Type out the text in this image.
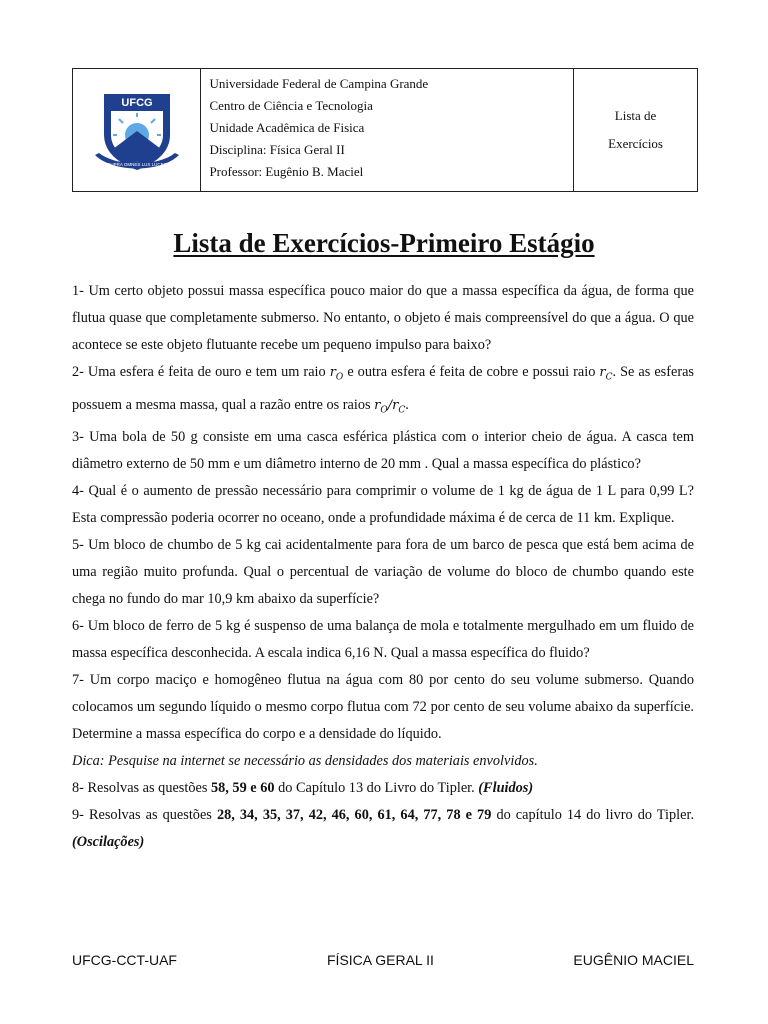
UFCG
SUPRA OMNES LUX LUCES

Universidade Federal de Campina Grande
Centro de Ciência e Tecnologia
Unidade Acadêmica de Fisica
Disciplina: Física Geral II
Professor: Eugênio B. Maciel
	Lista de
Exercícios
Lista de Exercícios-Primeiro Estágio

1- Um certo objeto possui massa específica pouco maior do que a massa específica da água, de forma que flutua quase que completamente submerso. No entanto, o objeto é mais compreensível do que a água. O que acontece se este objeto flutuante recebe um pequeno impulso para baixo?

2- Uma esfera é feita de ouro e tem um raio $r_O$ e outra esfera é feita de cobre e possui raio $r_C$. Se as esferas possuem a mesma massa, qual a razão entre os raios $r_O/r_C$.

3- Uma bola de 50 g consiste em uma casca esférica plástica com o interior cheio de água. A casca tem diâmetro externo de 50 mm e um diâmetro interno de 20 mm . Qual a massa específica do plástico?

4- Qual é o aumento de pressão necessário para comprimir o volume de 1 kg de água de 1 L para 0,99 L? Esta compressão poderia ocorrer no oceano, onde a profundidade máxima é de cerca de 11 km. Explique.

5- Um bloco de chumbo de 5 kg cai acidentalmente para fora de um barco de pesca que está bem acima de uma região muito profunda. Qual o percentual de variação de volume do bloco de chumbo quando este chega no fundo do mar 10,9 km abaixo da superfície?

6- Um bloco de ferro de 5 kg é suspenso de uma balança de mola e totalmente mergulhado em um fluido de massa específica desconhecida. A escala indica 6,16 N. Qual a massa específica do fluido?

7- Um corpo maciço e homogêneo flutua na água com 80 por cento do seu volume submerso. Quando colocamos um segundo líquido o mesmo corpo flutua com 72 por cento de seu volume abaixo da superfície. Determine a massa específica do corpo e a densidade do líquido.

Dica: Pesquise na internet se necessário as densidades dos materiais envolvidos.

8- Resolvas as questões 58, 59 e 60 do Capítulo 13 do Livro do Tipler. (Fluidos)

9- Resolvas as questões 28, 34, 35, 37, 42, 46, 60, 61, 64, 77, 78 e 79 do capítulo 14 do livro do Tipler. (Oscilações)

UFCG-CCT-UAF	FÍSICA GERAL II	EUGÊNIO MACIEL
